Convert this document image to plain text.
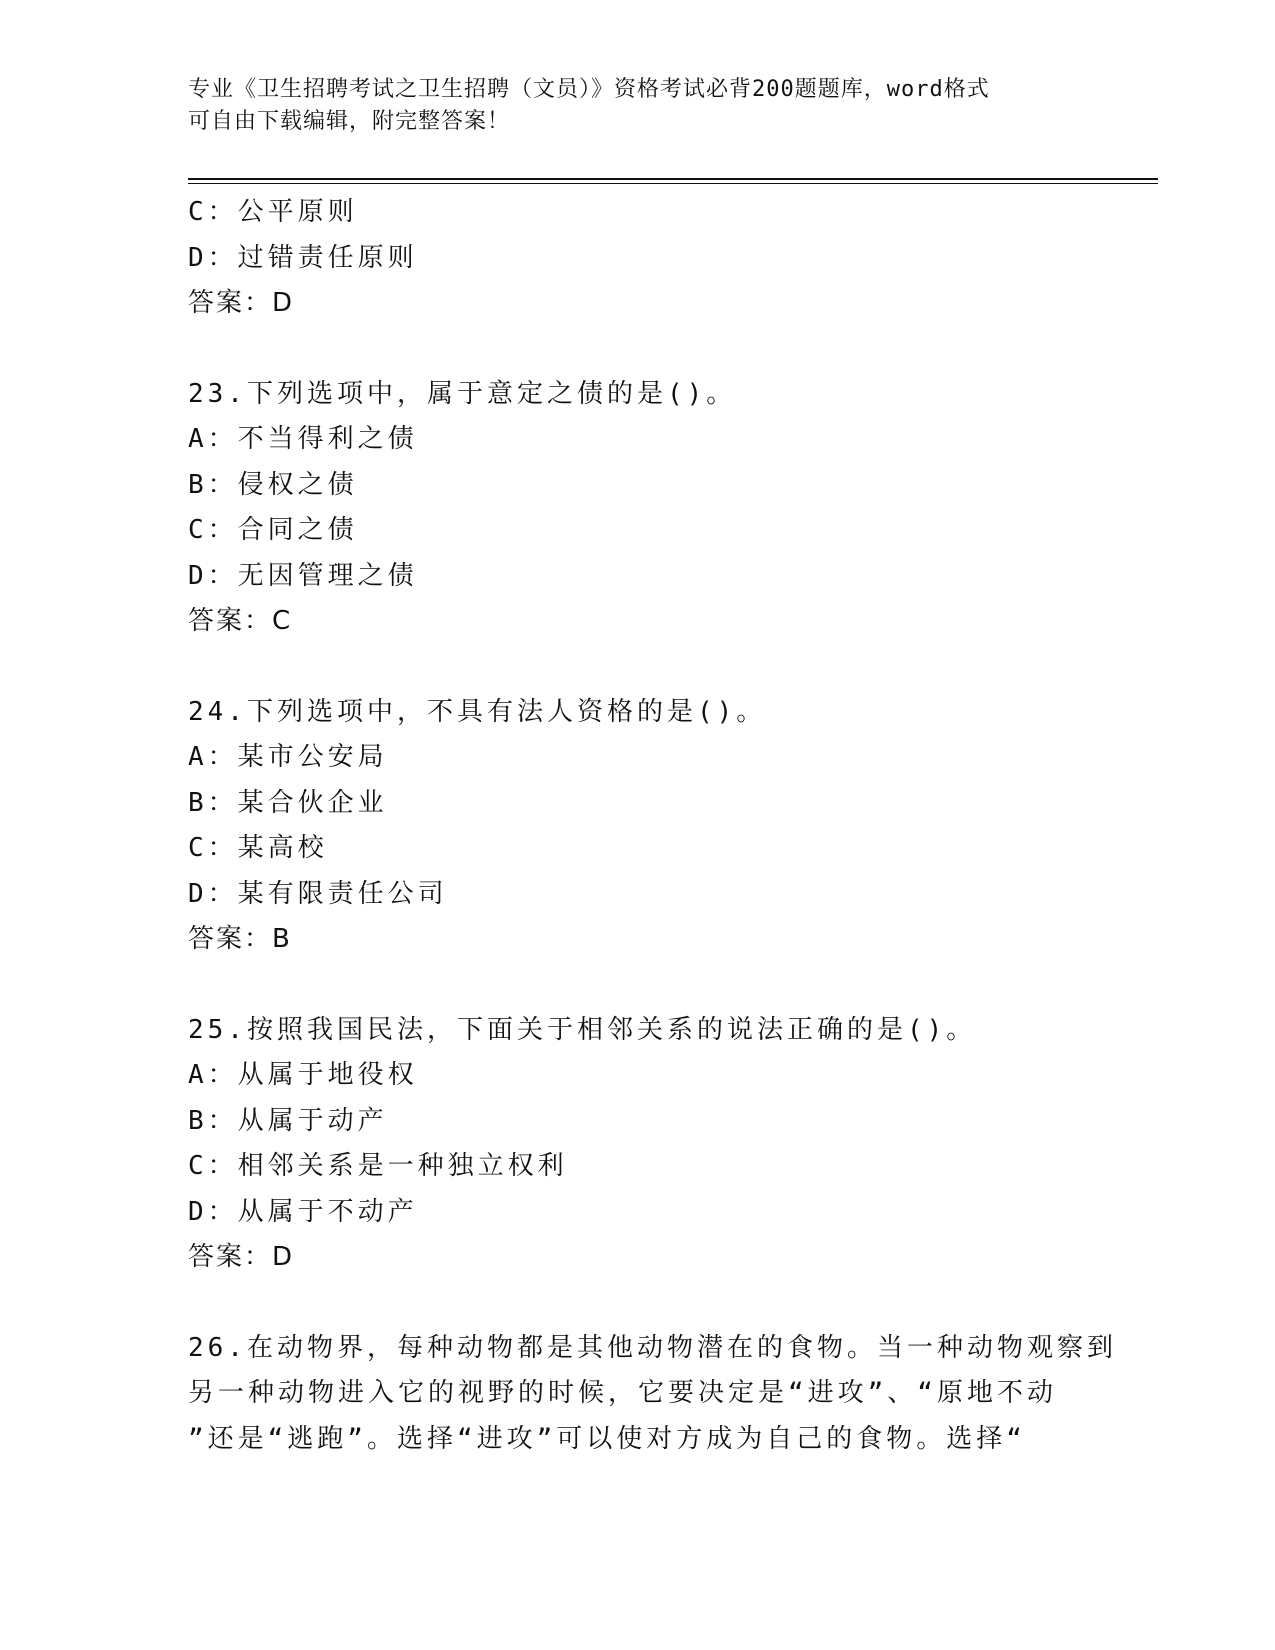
专业《卫生招聘考试之卫生招聘（文员）》资格考试必背200题题库，word格式
可自由下载编辑，附完整答案！
C：公平原则
D：过错责任原则
答案：D
23.下列选项中，属于意定之债的是()。
A：不当得利之债
B：侵权之债
C：合同之债
D：无因管理之债
答案：C
24.下列选项中，不具有法人资格的是()。
A：某市公安局
B：某合伙企业
C：某高校
D：某有限责任公司
答案：B
25.按照我国民法，下面关于相邻关系的说法正确的是()。
A：从属于地役权
B：从属于动产
C：相邻关系是一种独立权利
D：从属于不动产
答案：D
26.在动物界，每种动物都是其他动物潜在的食物。当一种动物观察到
另一种动物进入它的视野的时候，它要决定是“进攻”、“原地不动
”还是“逃跑”。选择“进攻”可以使对方成为自己的食物。选择“
